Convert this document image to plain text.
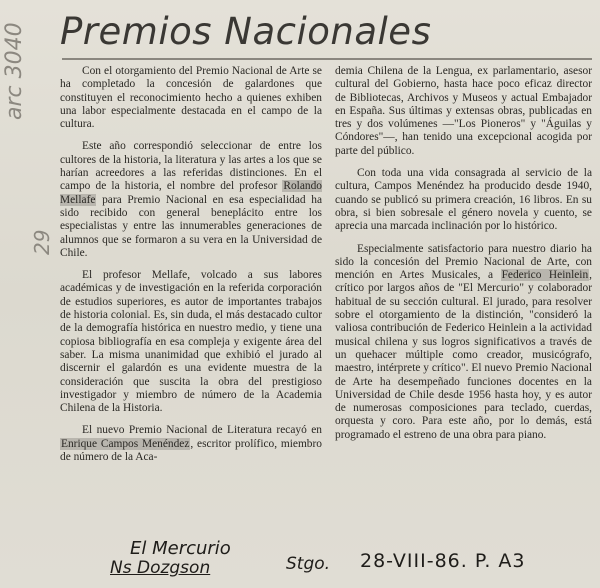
Premios Nacionales

Con el otorgamiento del Premio Nacional de Arte se ha completado la concesión de galardones que constituyen el reconocimiento hecho a quienes exhiben una labor especialmente destacada en el campo de la cultura.

Este año correspondió seleccionar de entre los cultores de la historia, la literatura y las artes a los que se harían acreedores a las referidas distinciones. En el campo de la historia, el nombre del profesor Rolando Mellafe para Premio Nacional en esa especialidad ha sido recibido con general beneplácito entre los especialistas y entre las innumerables generaciones de alumnos que se formaron a su vera en la Universidad de Chile.

El profesor Mellafe, volcado a sus labores académicas y de investigación en la referida corporación de estudios superiores, es autor de importantes trabajos de historia colonial. Es, sin duda, el más destacado cultor de la demografía histórica en nuestro medio, y tiene una copiosa bibliografía en esa compleja y exigente área del saber. La misma unanimidad que exhibió el jurado al discernir el galardón es una evidente muestra de la consideración que suscita la obra del prestigioso investigador y miembro de número de la Academia Chilena de la Historia.

El nuevo Premio Nacional de Literatura recayó en Enrique Campos Menéndez, escritor prolífico, miembro de número de la Aca-

demia Chilena de la Lengua, ex parlamentario, asesor cultural del Gobierno, hasta hace poco eficaz director de Bibliotecas, Archivos y Museos y actual Embajador en España. Sus últimas y extensas obras, publicadas en tres y dos volúmenes —"Los Pioneros" y "Águilas y Cóndores"—, han tenido una excepcional acogida por parte del público.

Con toda una vida consagrada al servicio de la cultura, Campos Menéndez ha producido desde 1940, cuando se publicó su primera creación, 16 libros. En su obra, si bien sobresale el género novela y cuento, se aprecia una marcada inclinación por lo histórico.

Especialmente satisfactorio para nuestro diario ha sido la concesión del Premio Nacional de Arte, con mención en Artes Musicales, a Federico Heinlein, crítico por largos años de "El Mercurio" y colaborador habitual de su sección cultural. El jurado, para resolver sobre el otorgamiento de la distinción, "consideró la valiosa contribución de Federico Heinlein a la actividad musical chilena y sus logros significativos a través de un quehacer múltiple como creador, musicógrafo, maestro, intérprete y crítico". El nuevo Premio Nacional de Arte ha desempeñado funciones docentes en la Universidad de Chile desde 1956 hasta hoy, y es autor de numerosas composiciones para teclado, cuerdas, orquesta y coro. Para este año, por lo demás, está programado el estreno de una obra para piano.

arc 3040
29
El Mercurio
Ns Dozgson	Stgo. 28-VIII-86. P. A3
